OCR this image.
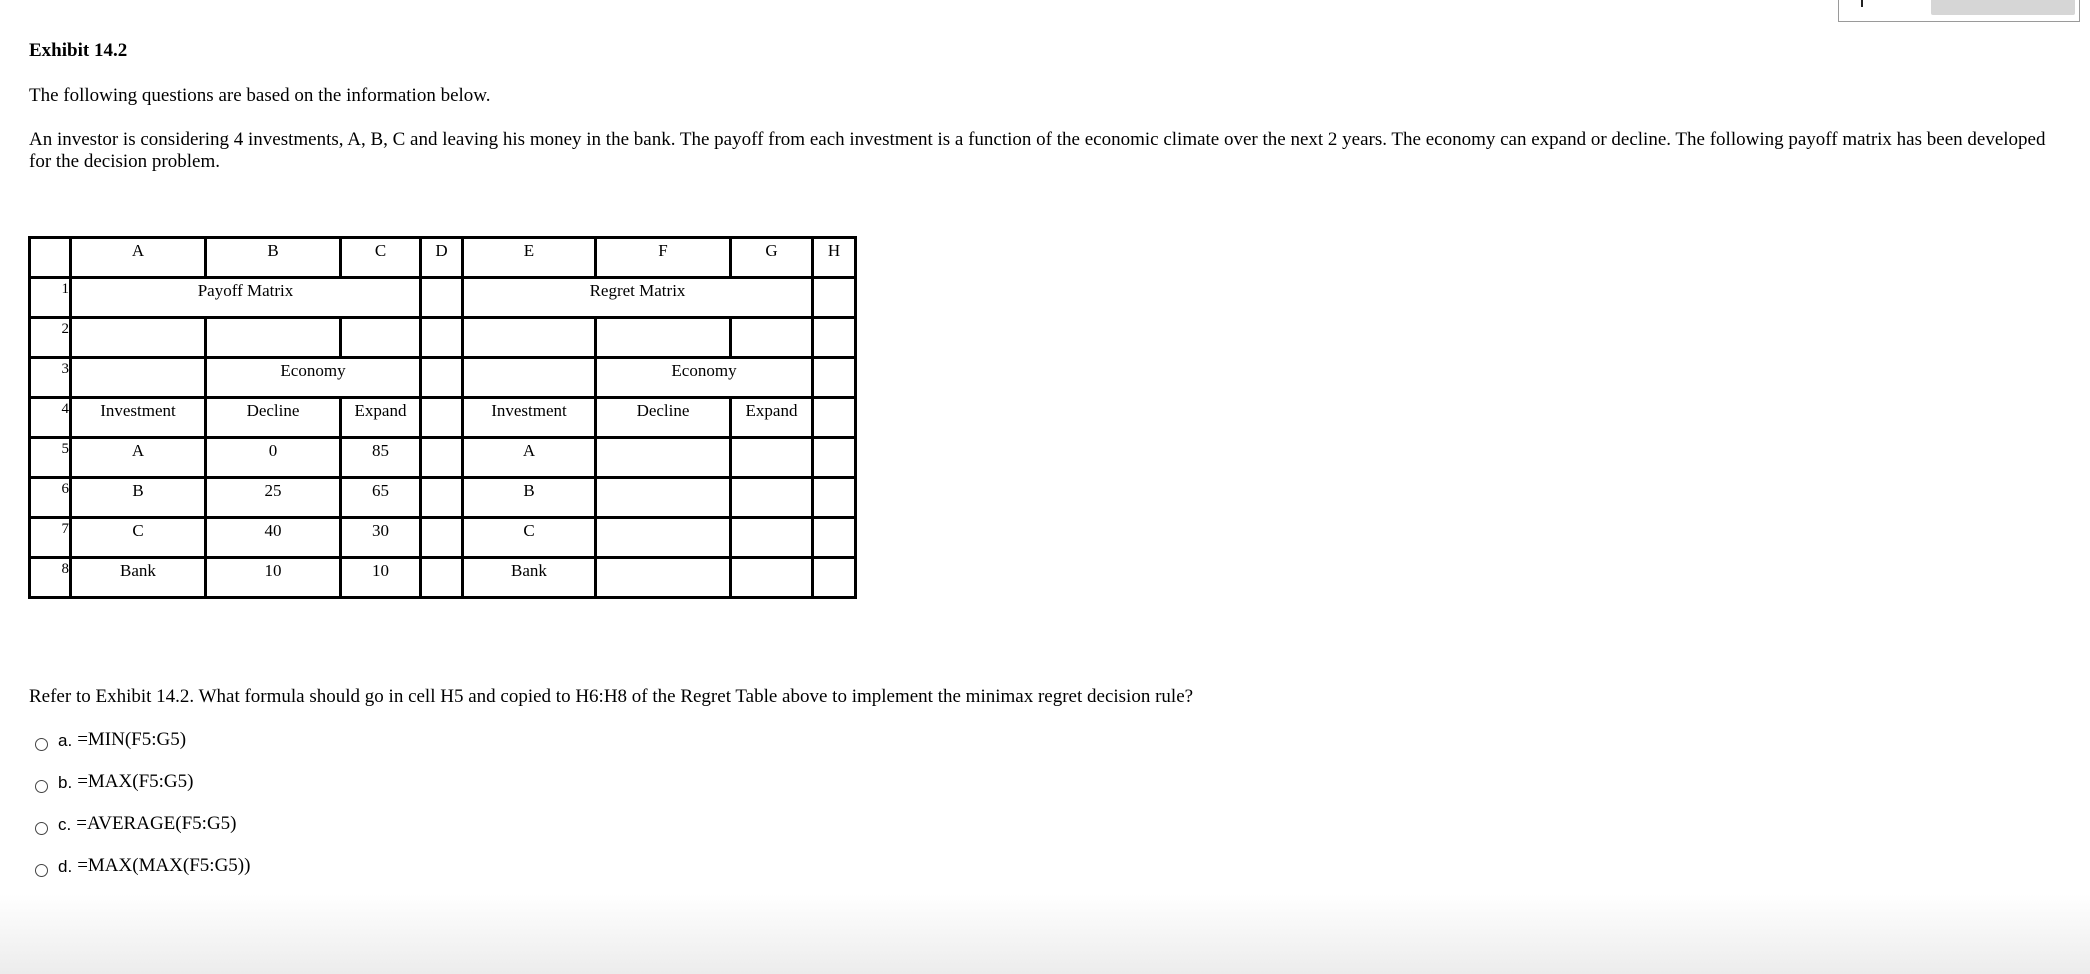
Exhibit 14.2

The following questions are based on the information below.

An investor is considering 4 investments, A, B, C and leaving his money in the bank. The payoff from each investment is a function of the economic climate over the next 2 years. The economy can expand or decline. The following payoff matrix has been developed for the decision problem.

	A	B	C	D	E	F	G	H
1	Payoff Matrix				Regret Matrix			
2								
3		Economy				Economy		
4	Investment	Decline	Expand		Investment	Decline	Expand	
5	A	0	85		A			
6	B	25	65		B			
7	C	40	30		C			
8	Bank	10	10		Bank			

Refer to Exhibit 14.2. What formula should go in cell H5 and copied to H6:H8 of the Regret Table above to implement the minimax regret decision rule?

a. =MIN(F5:G5)
b. =MAX(F5:G5)
c. =AVERAGE(F5:G5)
d. =MAX(MAX(F5:G5))
